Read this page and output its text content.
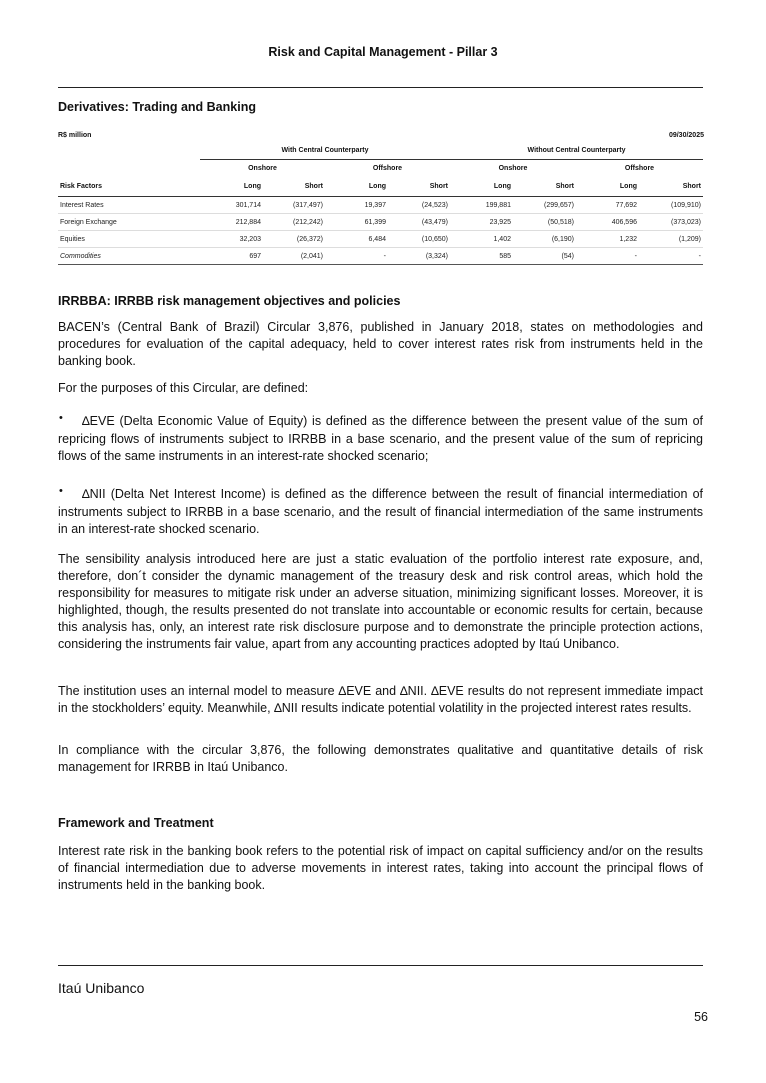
Risk and Capital Management - Pillar 3
Derivatives: Trading and Banking
R$ million	09/30/2025
	With Central Counterparty				Without Central Counterparty			
	Onshore		Offshore		Onshore		Offshore	
Risk Factors	Long	Short	Long	Short	Long	Short	Long	Short
Interest Rates	301,714	(317,497)	19,397	(24,523)	199,881	(299,657)	77,692	(109,910)
Foreign Exchange	212,884	(212,242)	61,399	(43,479)	23,925	(50,518)	406,596	(373,023)
Equities	32,203	(26,372)	6,484	(10,650)	1,402	(6,190)	1,232	(1,209)
Commodities	697	(2,041)	-	(3,324)	585	(54)	-	-
IRRBBA: IRRBB risk management objectives and policies
BACEN’s (Central Bank of Brazil) Circular 3,876, published in January 2018, states on methodologies and procedures for evaluation of the capital adequacy, held to cover interest rates risk from instruments held in the banking book.
For the purposes of this Circular, are defined:
•	∆EVE (Delta Economic Value of Equity) is defined as the difference between the present value of the sum of repricing flows of instruments subject to IRRBB in a base scenario, and the present value of the sum of repricing flows of the same instruments in an interest-rate shocked scenario;
•	∆NII (Delta Net Interest Income) is defined as the difference between the result of financial intermediation of instruments subject to IRRBB in a base scenario, and the result of financial intermediation of the same instruments in an interest-rate shocked scenario.
The sensibility analysis introduced here are just a static evaluation of the portfolio interest rate exposure, and, therefore, don´t consider the dynamic management of the treasury desk and risk control areas, which hold the responsibility for measures to mitigate risk under an adverse situation, minimizing significant losses. Moreover, it is highlighted, though, the results presented do not translate into accountable or economic results for certain, because this analysis has, only, an interest rate risk disclosure purpose and to demonstrate the principle protection actions, considering the instruments fair value, apart from any accounting practices adopted by Itaú Unibanco.
The institution uses an internal model to measure ∆EVE and ∆NII. ∆EVE results do not represent immediate impact in the stockholders’ equity. Meanwhile, ∆NII results indicate potential volatility in the projected interest rates results.
In compliance with the circular 3,876, the following demonstrates qualitative and quantitative details of risk management for IRRBB in Itaú Unibanco.
Framework and Treatment
Interest rate risk in the banking book refers to the potential risk of impact on capital sufficiency and/or on the results of financial intermediation due to adverse movements in interest rates, taking into account the principal flows of instruments held in the banking book.
Itaú Unibanco
56
